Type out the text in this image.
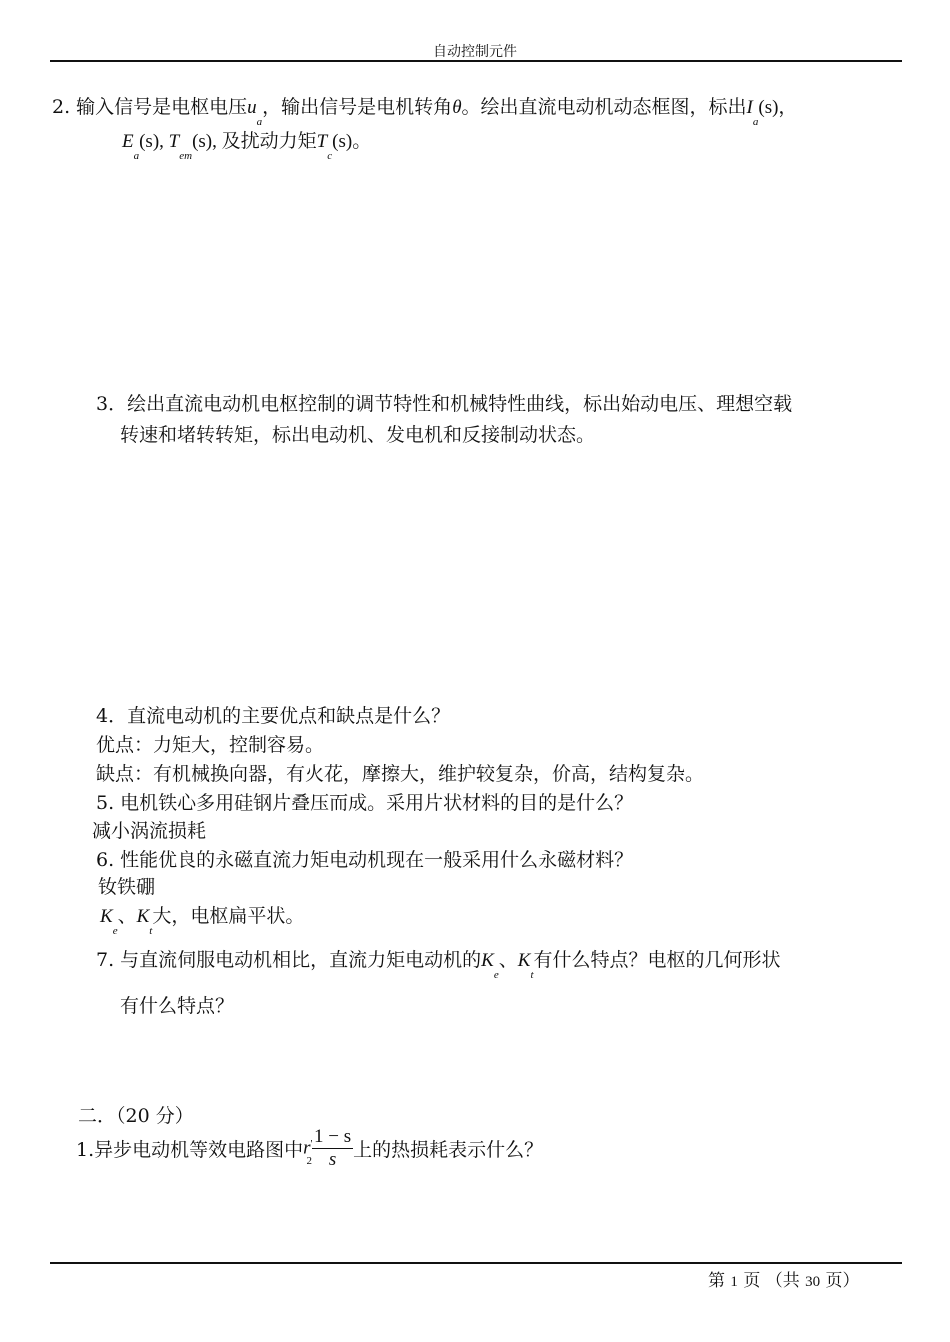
自动控制元件
2. 输入信号是电枢电压$u_a$，输出信号是电机转角θ。绘出直流电动机动态框图，标出$I_a(s)$，
$E_a(s)$, $T_{em}(s)$, 及扰动力矩$T_c(s)$。
3．绘出直流电动机电枢控制的调节特性和机械特性曲线，标出始动电压、理想空载
转速和堵转转矩，标出电动机、发电机和反接制动状态。
4．直流电动机的主要优点和缺点是什么？
优点：力矩大，控制容易。
缺点：有机械换向器，有火花，摩擦大，维护较复杂，价高，结构复杂。
5. 电机铁心多用硅钢片叠压而成。采用片状材料的目的是什么？
减小涡流损耗
6. 性能优良的永磁直流力矩电动机现在一般采用什么永磁材料？
钕铁硼
$K_e$、$K_t$大，电枢扁平状。
7. 与直流伺服电动机相比，直流力矩电动机的$K_e$、$K_t$有什么特点？电枢的几何形状
有什么特点？
二．（20 分）
1.异步电动机等效电路图中$r'_2 \frac{1 - s}{s}$ 上的热损耗表示什么？
第 1 页 （共 30 页）
